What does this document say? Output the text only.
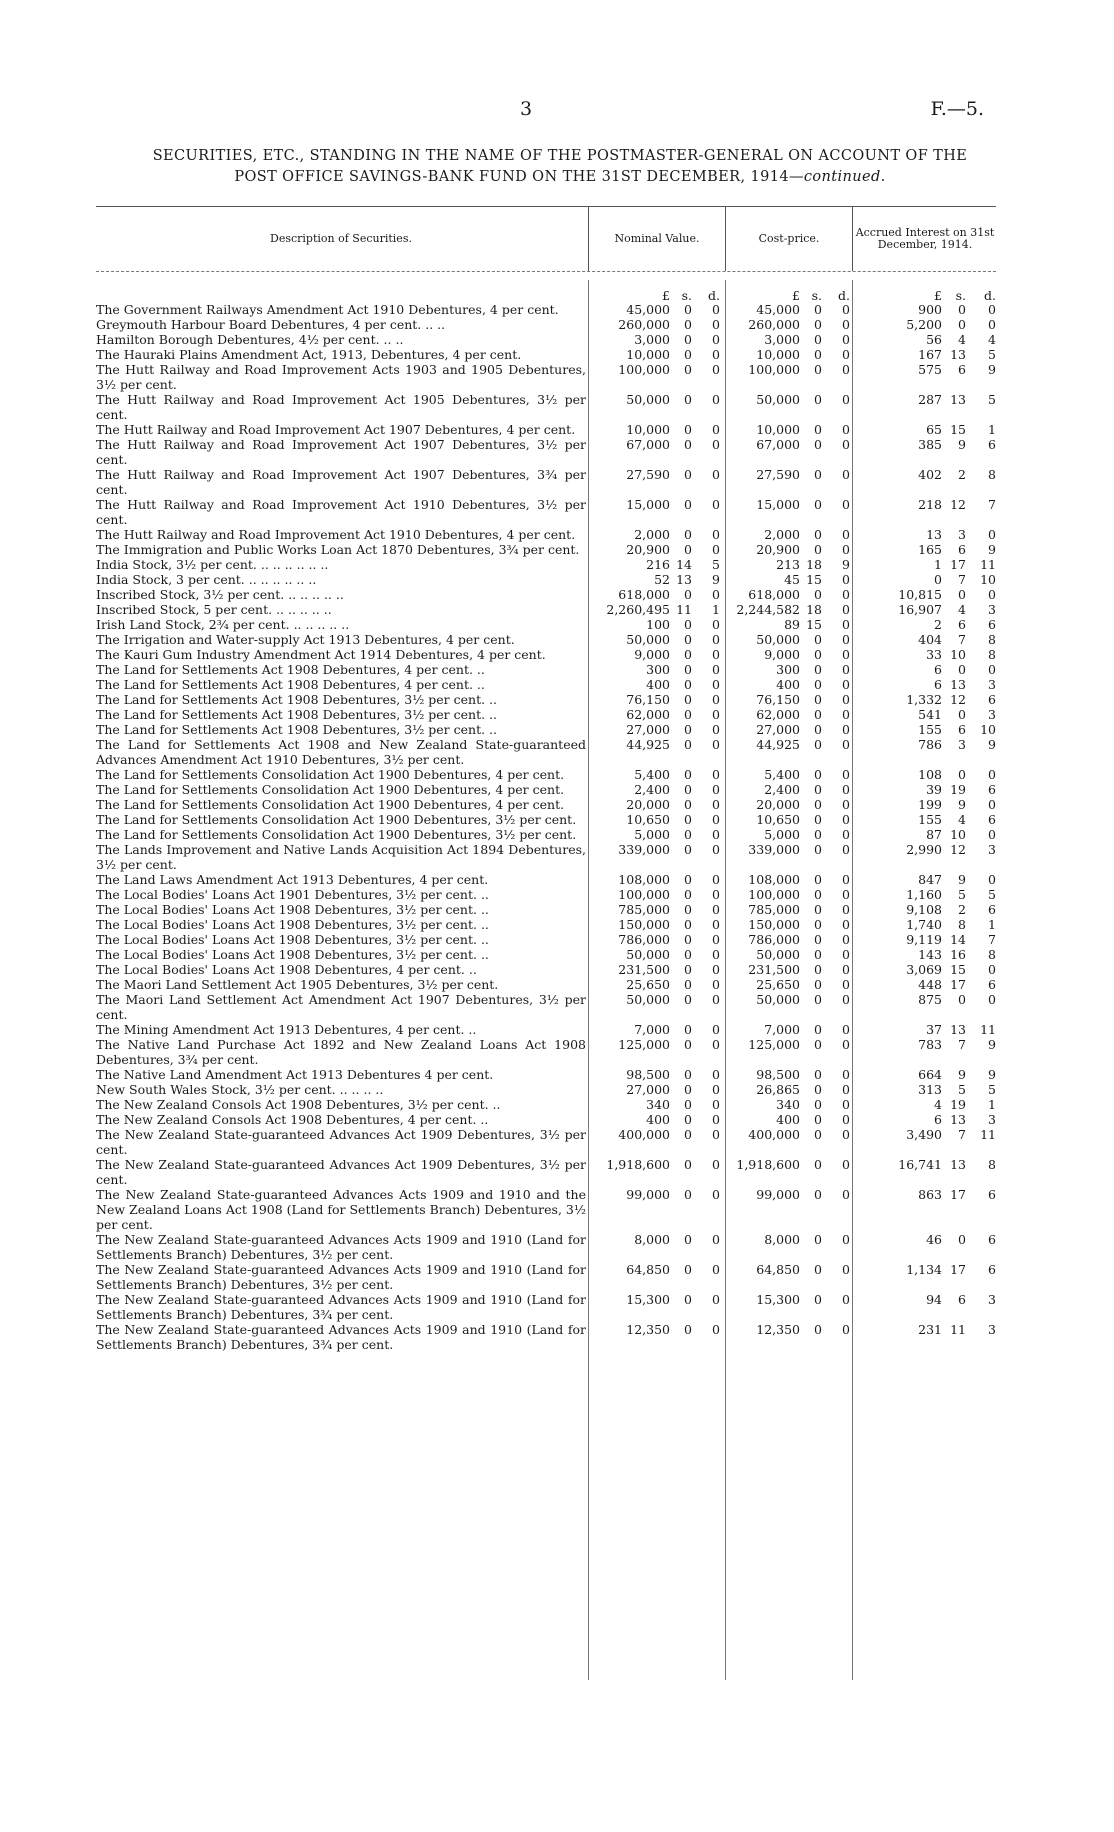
3	F.—5.
SECURITIES, ETC., STANDING IN THE NAME OF THE POSTMASTER-GENERAL ON ACCOUNT OF THE
POST OFFICE SAVINGS-BANK FUND ON THE 31ST DECEMBER, 1914—continued.
Description of Securities.	Nominal Value.	Cost-price.	Accrued Interest on 31st December, 1914.
£ s.	d.	£ s.	d.	£	s.	d.
The Government Railways Amendment Act 1910 Debentures, 4 per cent.	45,000	0	0		45,000	0	0		900	0	0
Greymouth Harbour Board Debentures, 4 per cent. .. ..	260,000	0	0		260,000	0	0		5,200	0	0
Hamilton Borough Debentures, 4½ per cent. .. ..	3,000	0	0		3,000	0	0		56	4	4
The Hauraki Plains Amendment Act, 1913, Debentures, 4 per cent.	10,000	0	0		10,000	0	0		167	13	5
The Hutt Railway and Road Improvement Acts 1903 and 1905 Debentures, 3½ per cent.	100,000	0	0		100,000	0	0		575	6	9
The Hutt Railway and Road Improvement Act 1905 Debentures, 3½ per cent.	50,000	0	0		50,000	0	0		287	13	5
The Hutt Railway and Road Improvement Act 1907 Debentures, 4 per cent.	10,000	0	0		10,000	0	0		65	15	1
The Hutt Railway and Road Improvement Act 1907 Debentures, 3½ per cent.	67,000	0	0		67,000	0	0		385	9	6
The Hutt Railway and Road Improvement Act 1907 Debentures, 3¾ per cent.	27,590	0	0		27,590	0	0		402	2	8
The Hutt Railway and Road Improvement Act 1910 Debentures, 3½ per cent.	15,000	0	0		15,000	0	0		218	12	7
The Hutt Railway and Road Improvement Act 1910 Debentures, 4 per cent.	2,000	0	0		2,000	0	0		13	3	0
The Immigration and Public Works Loan Act 1870 Debentures, 3¾ per cent.	20,900	0	0		20,900	0	0		165	6	9
India Stock, 3½ per cent. .. .. .. .. .. ..	216	14	5		213	18	9		1	17	11
India Stock, 3 per cent. .. .. .. .. .. ..	52	13	9		45	15	0		0	7	10
Inscribed Stock, 3½ per cent. .. .. .. .. ..	618,000	0	0		618,000	0	0		10,815	0	0
Inscribed Stock, 5 per cent. .. .. .. .. ..	2,260,495	11	1		2,244,582	18	0		16,907	4	3
Irish Land Stock, 2¾ per cent. .. .. .. .. ..	100	0	0		89	15	0		2	6	6
The Irrigation and Water-supply Act 1913 Debentures, 4 per cent.	50,000	0	0		50,000	0	0		404	7	8
The Kauri Gum Industry Amendment Act 1914 Debentures, 4 per cent.	9,000	0	0		9,000	0	0		33	10	8
The Land for Settlements Act 1908 Debentures, 4 per cent. ..	300	0	0		300	0	0		6	0	0
The Land for Settlements Act 1908 Debentures, 4 per cent. ..	400	0	0		400	0	0		6	13	3
The Land for Settlements Act 1908 Debentures, 3½ per cent. ..	76,150	0	0		76,150	0	0		1,332	12	6
The Land for Settlements Act 1908 Debentures, 3½ per cent. ..	62,000	0	0		62,000	0	0		541	0	3
The Land for Settlements Act 1908 Debentures, 3½ per cent. ..	27,000	0	0		27,000	0	0		155	6	10
The Land for Settlements Act 1908 and New Zealand State-guaranteed Advances Amendment Act 1910 Debentures, 3½ per cent.	44,925	0	0		44,925	0	0		786	3	9
The Land for Settlements Consolidation Act 1900 Debentures, 4 per cent.	5,400	0	0		5,400	0	0		108	0	0
The Land for Settlements Consolidation Act 1900 Debentures, 4 per cent.	2,400	0	0		2,400	0	0		39	19	6
The Land for Settlements Consolidation Act 1900 Debentures, 4 per cent.	20,000	0	0		20,000	0	0		199	9	0
The Land for Settlements Consolidation Act 1900 Debentures, 3½ per cent.	10,650	0	0		10,650	0	0		155	4	6
The Land for Settlements Consolidation Act 1900 Debentures, 3½ per cent.	5,000	0	0		5,000	0	0		87	10	0
The Lands Improvement and Native Lands Acquisition Act 1894 Debentures, 3½ per cent.	339,000	0	0		339,000	0	0		2,990	12	3
The Land Laws Amendment Act 1913 Debentures, 4 per cent.	108,000	0	0		108,000	0	0		847	9	0
The Local Bodies' Loans Act 1901 Debentures, 3½ per cent. ..	100,000	0	0		100,000	0	0		1,160	5	5
The Local Bodies' Loans Act 1908 Debentures, 3½ per cent. ..	785,000	0	0		785,000	0	0		9,108	2	6
The Local Bodies' Loans Act 1908 Debentures, 3½ per cent. ..	150,000	0	0		150,000	0	0		1,740	8	1
The Local Bodies' Loans Act 1908 Debentures, 3½ per cent. ..	786,000	0	0		786,000	0	0		9,119	14	7
The Local Bodies' Loans Act 1908 Debentures, 3½ per cent. ..	50,000	0	0		50,000	0	0		143	16	8
The Local Bodies' Loans Act 1908 Debentures, 4 per cent. ..	231,500	0	0		231,500	0	0		3,069	15	0
The Maori Land Settlement Act 1905 Debentures, 3½ per cent.	25,650	0	0		25,650	0	0		448	17	6
The Maori Land Settlement Act Amendment Act 1907 Debentures, 3½ per cent.	50,000	0	0		50,000	0	0		875	0	0
The Mining Amendment Act 1913 Debentures, 4 per cent. ..	7,000	0	0		7,000	0	0		37	13	11
The Native Land Purchase Act 1892 and New Zealand Loans Act 1908 Debentures, 3¾ per cent.	125,000	0	0		125,000	0	0		783	7	9
The Native Land Amendment Act 1913 Debentures 4 per cent.	98,500	0	0		98,500	0	0		664	9	9
New South Wales Stock, 3½ per cent. .. .. .. ..	27,000	0	0		26,865	0	0		313	5	5
The New Zealand Consols Act 1908 Debentures, 3½ per cent. ..	340	0	0		340	0	0		4	19	1
The New Zealand Consols Act 1908 Debentures, 4 per cent. ..	400	0	0		400	0	0		6	13	3
The New Zealand State-guaranteed Advances Act 1909 Debentures, 3½ per cent.	400,000	0	0		400,000	0	0		3,490	7	11
The New Zealand State-guaranteed Advances Act 1909 Debentures, 3½ per cent.	1,918,600	0	0		1,918,600	0	0		16,741	13	8
The New Zealand State-guaranteed Advances Acts 1909 and 1910 and the New Zealand Loans Act 1908 (Land for Settlements Branch) Debentures, 3½ per cent.	99,000	0	0		99,000	0	0		863	17	6
The New Zealand State-guaranteed Advances Acts 1909 and 1910 (Land for Settlements Branch) Debentures, 3½ per cent.	8,000	0	0		8,000	0	0		46	0	6
The New Zealand State-guaranteed Advances Acts 1909 and 1910 (Land for Settlements Branch) Debentures, 3½ per cent.	64,850	0	0		64,850	0	0		1,134	17	6
The New Zealand State-guaranteed Advances Acts 1909 and 1910 (Land for Settlements Branch) Debentures, 3¾ per cent.	15,300	0	0		15,300	0	0		94	6	3
The New Zealand State-guaranteed Advances Acts 1909 and 1910 (Land for Settlements Branch) Debentures, 3¾ per cent.	12,350	0	0		12,350	0	0		231	11	3
